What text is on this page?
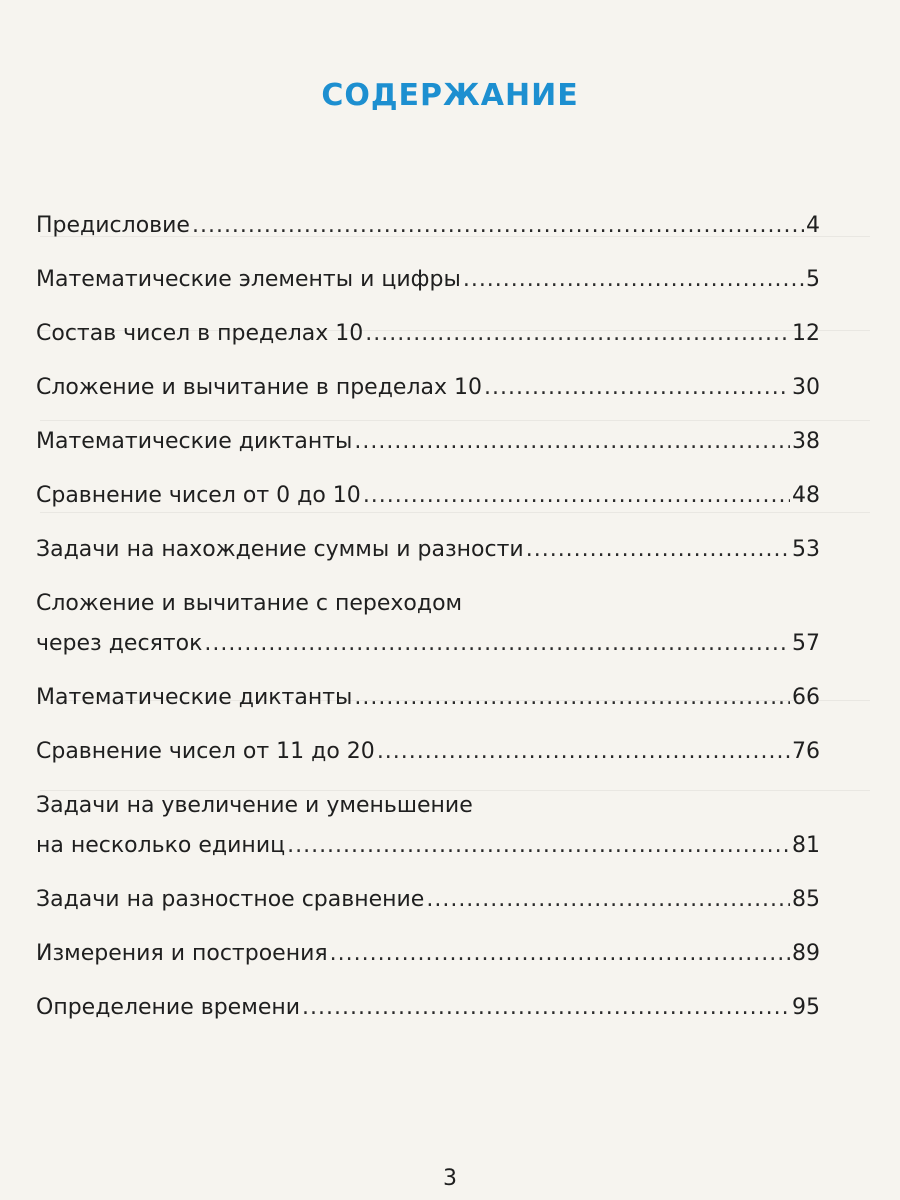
СОДЕРЖАНИЕ
Предисловие .....	4
Математические элементы и цифры .....	5
Состав чисел в пределах 10 .....	12
Сложение и вычитание в пределах 10 .....	30
Математические диктанты .....	38
Сравнение чисел от 0 до 10 .....	48
Задачи на нахождение суммы и разности .....	53
Сложение и вычитание с переходом
через десяток .....	57
Математические диктанты .....	66
Сравнение чисел от 11 до 20 .....	76
Задачи на увеличение и уменьшение
на несколько единиц .....	81
Задачи на разностное сравнение .....	85
Измерения и построения .....	89
Определение времени .....	95
3
